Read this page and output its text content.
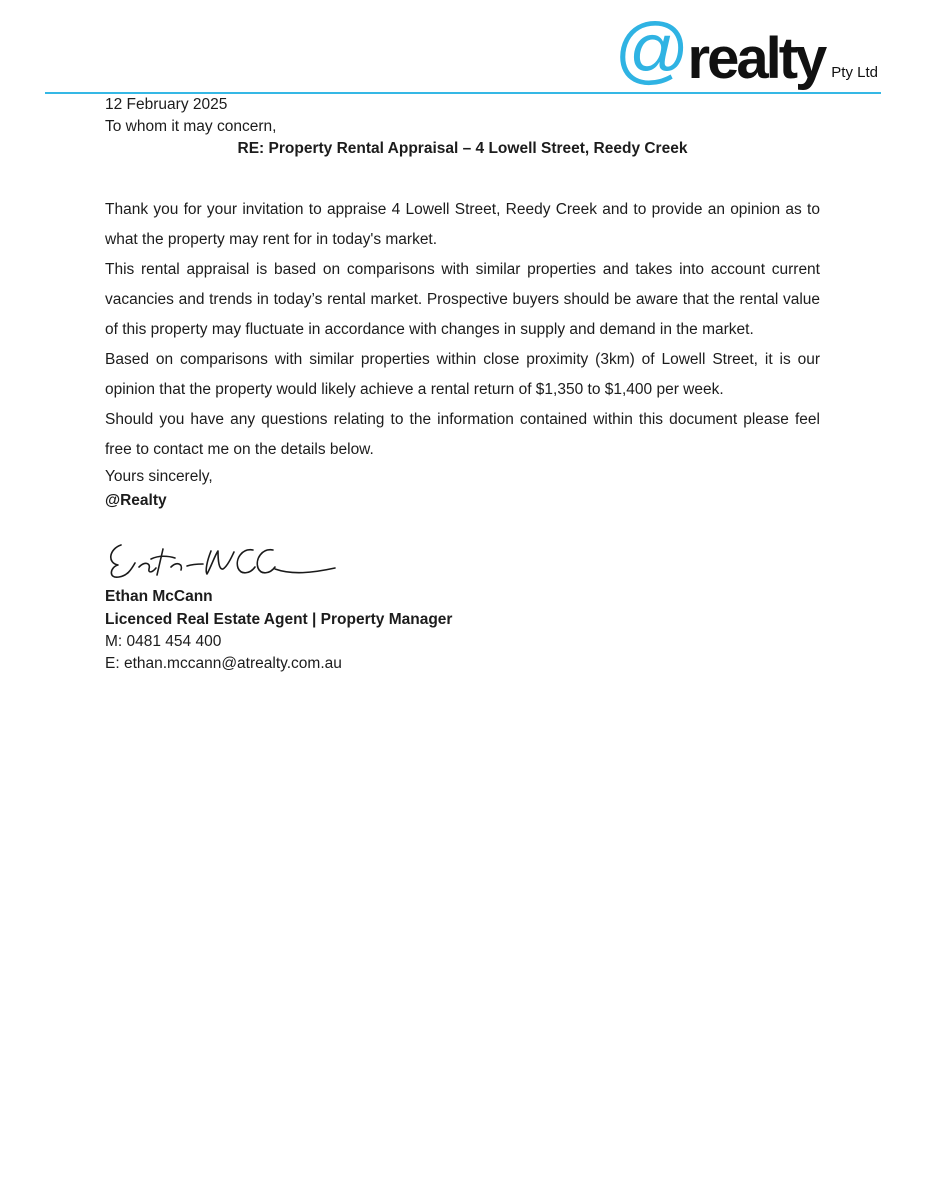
@ realty Pty Ltd

12 February 2025

To whom it may concern,

RE: Property Rental Appraisal – 4 Lowell Street, Reedy Creek

Thank you for your invitation to appraise 4 Lowell Street, Reedy Creek and to provide an opinion as to what the property may rent for in today's market.

This rental appraisal is based on comparisons with similar properties and takes into account current vacancies and trends in today’s rental market. Prospective buyers should be aware that the rental value of this property may fluctuate in accordance with changes in supply and demand in the market.

Based on comparisons with similar properties within close proximity (3km) of Lowell Street, it is our opinion that the property would likely achieve a rental return of $1,350 to $1,400 per week.

Should you have any questions relating to the information contained within this document please feel free to contact me on the details below.

Yours sincerely,

@Realty

Ethan McCann

Licenced Real Estate Agent | Property Manager

M: 0481 454 400

E: ethan.mccann@atrealty.com.au
